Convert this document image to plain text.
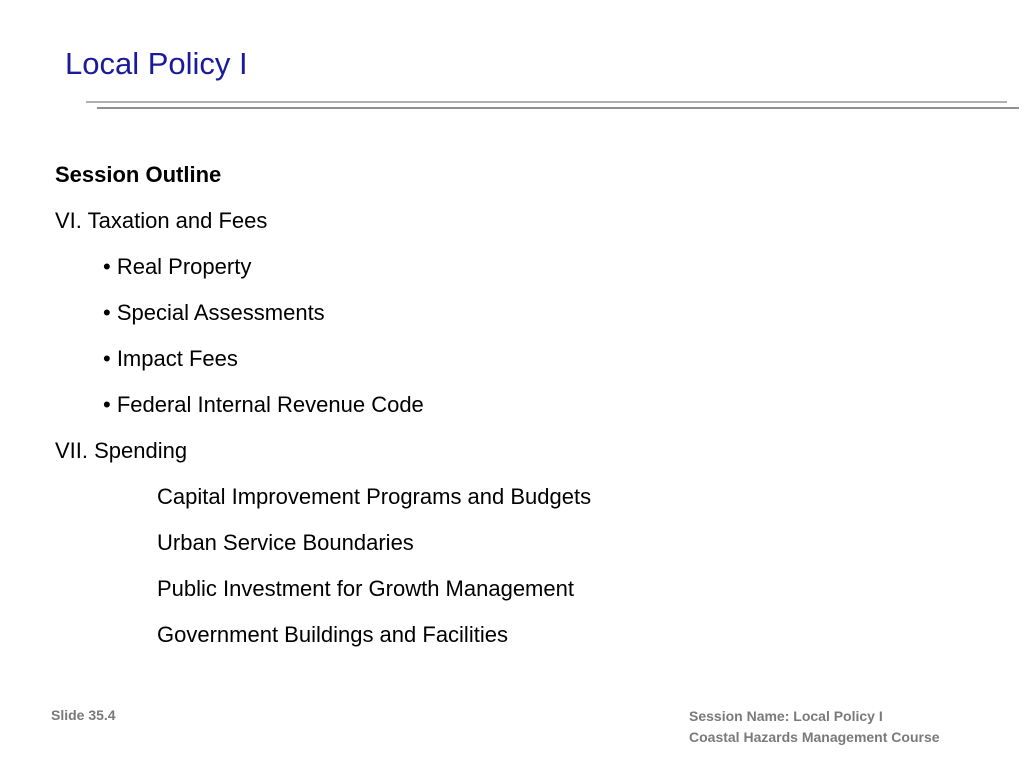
Local Policy I
Session Outline
VI. Taxation and Fees
• Real Property
• Special Assessments
• Impact Fees
• Federal Internal Revenue Code
VII. Spending
Capital Improvement Programs and Budgets
Urban Service Boundaries
Public Investment for Growth Management
Government Buildings and Facilities
Slide 35.4	Session Name: Local Policy I
Coastal Hazards Management Course
